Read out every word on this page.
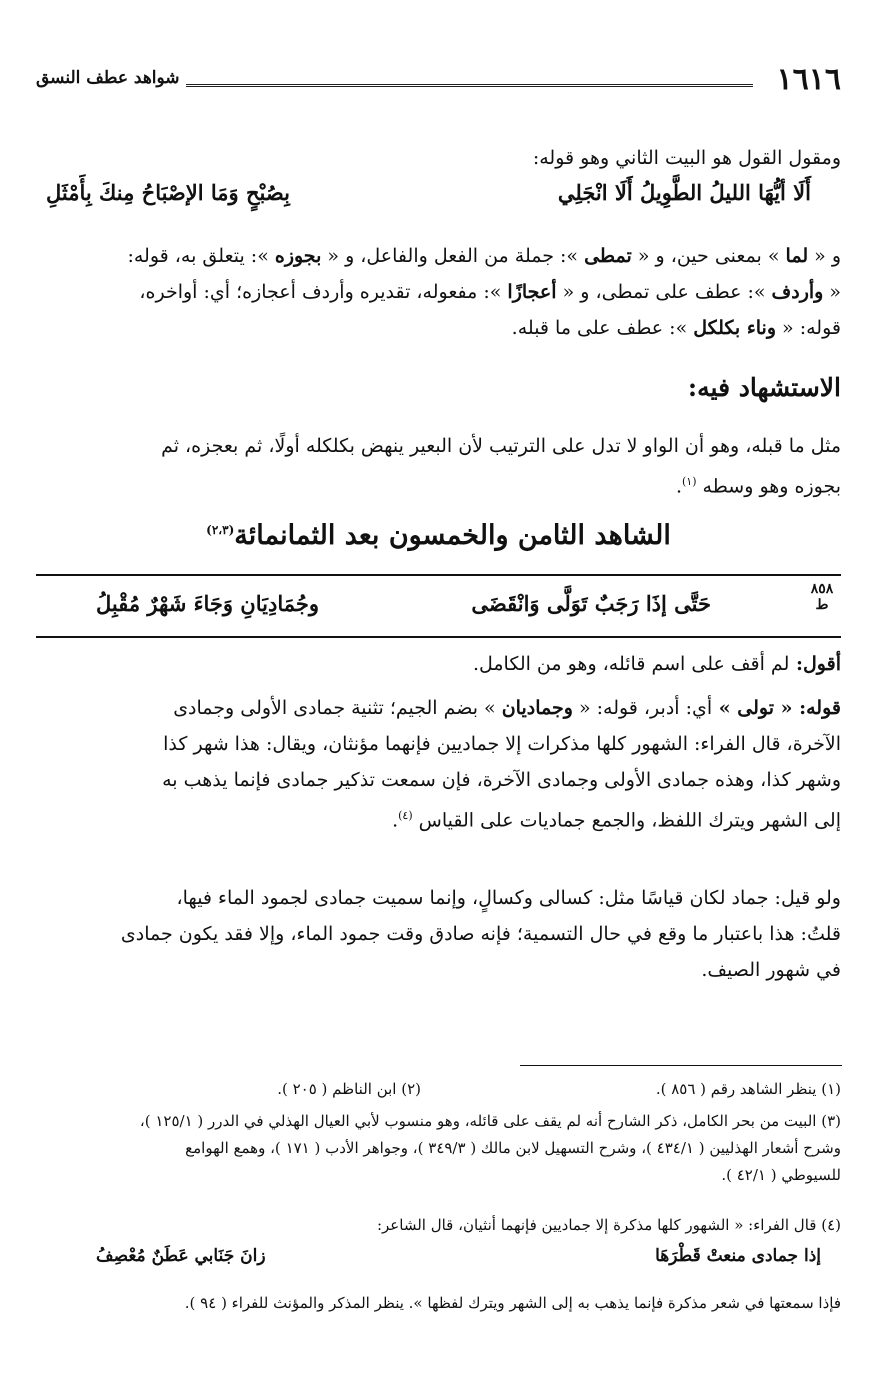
١٦١٦
شواهد عطف النسق
ومقول القول هو البيت الثاني وهو قوله:
أَلَا أيُّهَا الليلُ الطَّوِيلُ أَلَا انْجَلِي
بِصُبْحٍ وَمَا الإصْبَاحُ مِنكَ بِأَمْثَلِ
و « لما » بمعنى حين، و « تمطى »: جملة من الفعل والفاعل، و « بجوزه »: يتعلق به، قوله:
« وأردف »: عطف على تمطى، و « أعجازًا »: مفعوله، تقديره وأردف أعجازه؛ أي: أواخره،
قوله: « وناء بكلكل »: عطف على ما قبله.
الاستشهاد فيه:
مثل ما قبله، وهو أن الواو لا تدل على الترتيب لأن البعير ينهض بكلكله أولًا، ثم بعجزه، ثم
بجوزه وهو وسطه $^{(١)}$.
الشاهد الثامن والخمسون بعد الثمانمائة$^{(٢،٣)}$
٨٥٨
ط
حَتَّى إذَا رَجَبٌ تَوَلَّى وَانْقَضَى
وجُمَادِيَانِ وَجَاءَ شَهْرٌ مُقْبِلُ
أقول: لم أقف على اسم قائله، وهو من الكامل.
قوله: « تولى » أي: أدبر، قوله: « وجماديان » بضم الجيم؛ تثنية جمادى الأولى وجمادى
الآخرة، قال الفراء: الشهور كلها مذكرات إلا جماديين فإنهما مؤنثان، ويقال: هذا شهر كذا
وشهر كذا، وهذه جمادى الأولى وجمادى الآخرة، فإن سمعت تذكير جمادى فإنما يذهب به
إلى الشهر ويترك اللفظ، والجمع جماديات على القياس $^{(٤)}$.
ولو قيل: جماد لكان قياسًا مثل: كسالى وكسالٍ، وإنما سميت جمادى لجمود الماء فيها،
قلتُ: هذا باعتبار ما وقع في حال التسمية؛ فإنه صادق وقت جمود الماء، وإلا فقد يكون جمادى
في شهور الصيف.
(١) ينظر الشاهد رقم ( ٨٥٦ ).
(٢) ابن الناظم ( ٢٠٥ ).
(٣) البيت من بحر الكامل، ذكر الشارح أنه لم يقف على قائله، وهو منسوب لأبي العيال الهذلي في الدرر ( ١٢٥/١ )،
وشرح أشعار الهذليين ( ٤٣٤/١ )، وشرح التسهيل لابن مالك ( ٣٤٩/٣ )، وجواهر الأدب ( ١٧١ )، وهمع الهوامع
للسيوطي ( ٤٢/١ ).
(٤) قال الفراء: « الشهور كلها مذكرة إلا جماديين فإنهما أنثيان، قال الشاعر:
إذا جمادى منعتْ قَطْرَهَا
زانَ جَنَابي عَطَنٌ مُعْصِفُ
فإذا سمعتها في شعر مذكرة فإنما يذهب به إلى الشهر ويترك لفظها ». ينظر المذكر والمؤنث للفراء ( ٩٤ ).
